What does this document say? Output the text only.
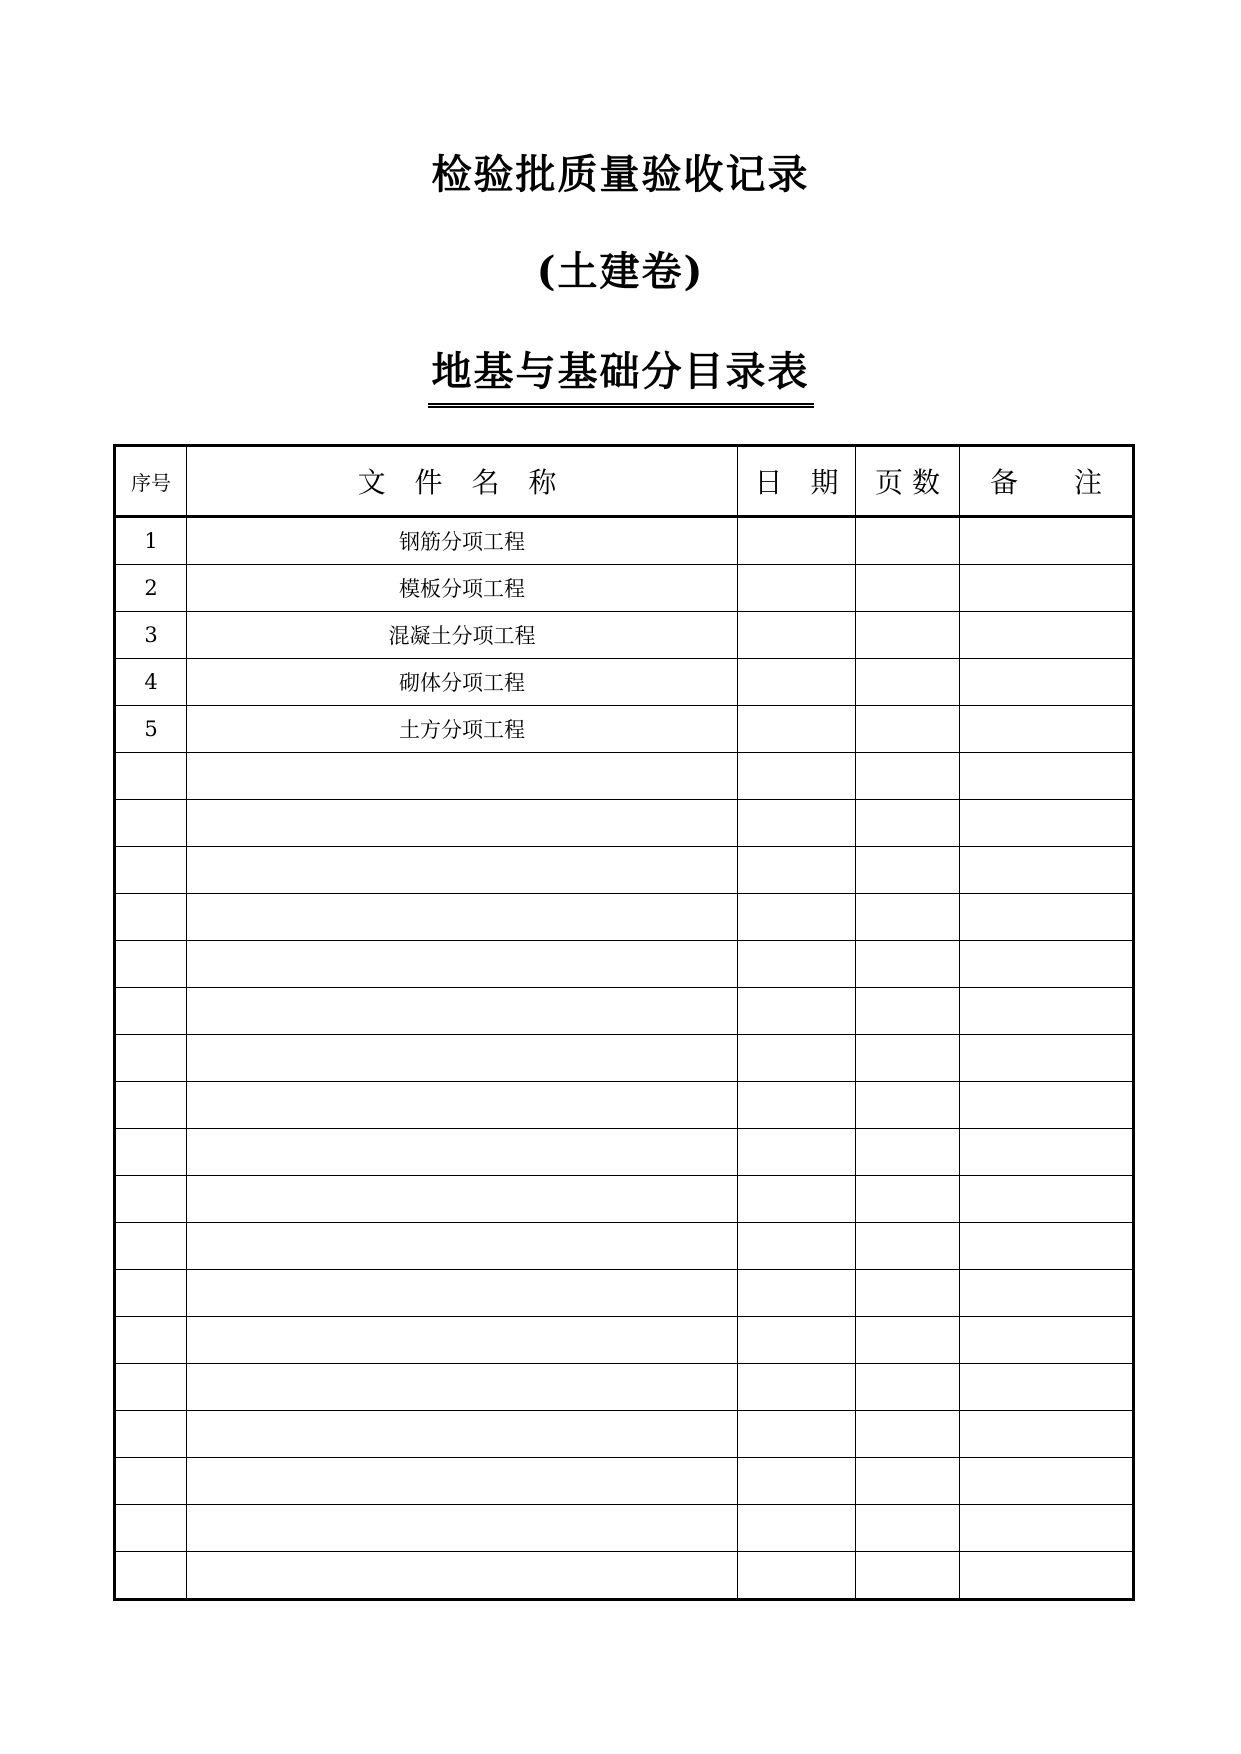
检验批质量验收记录
(土建卷)
地基与基础分目录表
序号	文 件 名 称	日　期	页 数	备　　注
1	钢筋分项工程			
2	模板分项工程			
3	混凝土分项工程			
4	砌体分项工程			
5	土方分项工程			
